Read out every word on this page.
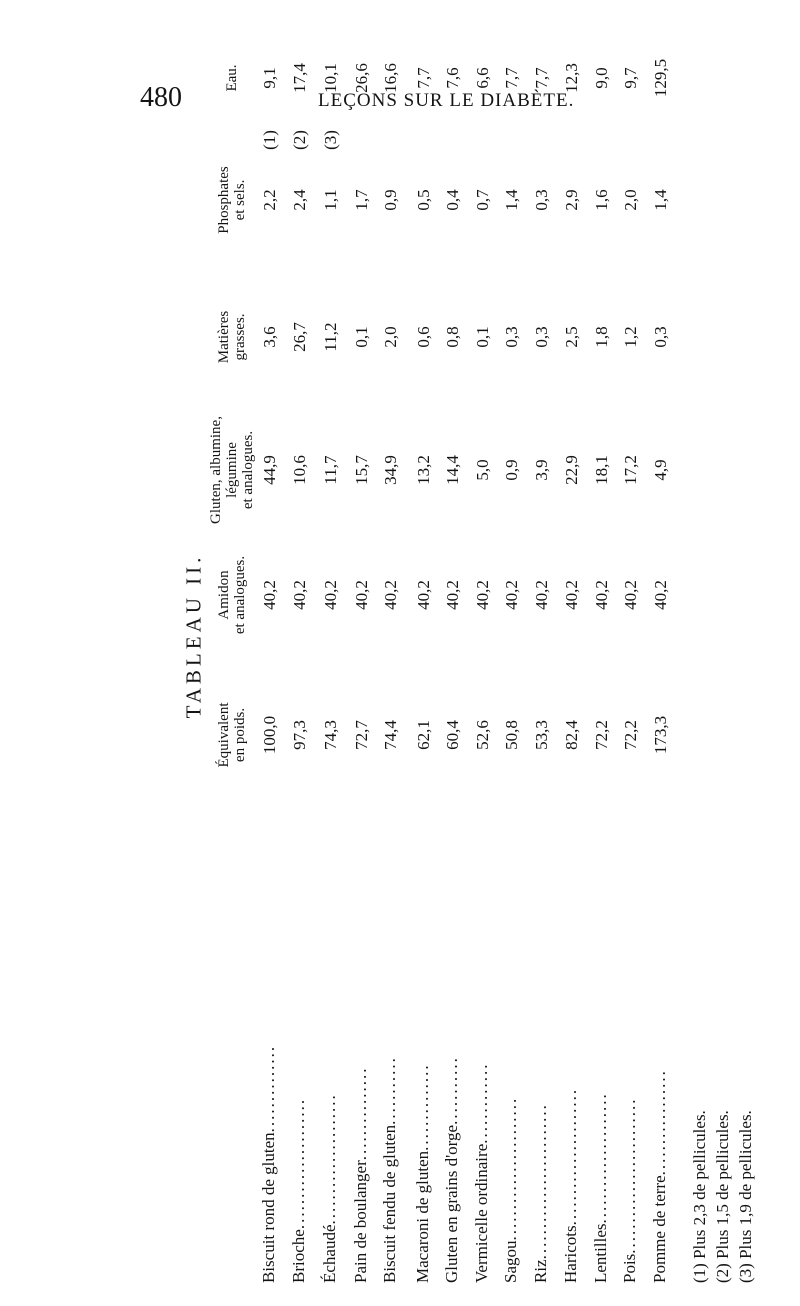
480	LEÇONS SUR LE DIABÈTE.
TABLEAU II.
Équivalent en poids.
Amidon et analogues.
Gluten, albumine, légumine et analogues.
Matières grasses.
Phosphates et sels.
Eau.
100,0
40,2
44,9
3,6
2,2
9,1
Biscuit rond de gluten..............
97,3
40,2
10,6
26,7
2,4
17,4
Brioche.....................
74,3
40,2
11,7
11,2
1,1
10,1
Échaudé.....................
72,7
40,2
15,7
0,1
1,7
26,6
Pain de boulanger...............
74,4
40,2
34,9
2,0
0,9
16,6
Biscuit fendu de gluten...........
62,1
40,2
13,2
0,6
0,5
7,7
Macaroni de gluten..............
60,4
40,2
14,4
0,8
0,4
7,6
Gluten en grains d'orge...........
52,6
40,2
5,0
0,1
0,7
6,6
Vermicelle ordinaire.............
50,8
40,2
0,9
0,3
1,4
7,7
Sagou.......................
53,3
40,2
3,9
0,3
0,3
7,7
Riz.........................
82,4
40,2
22,9
2,5
2,9
12,3
Haricots......................
72,2
40,2
18,1
1,8
1,6
9,0
Lentilles.....................
72,2
40,2
17,2
1,2
2,0
9,7
Pois.........................
173,3
40,2
4,9
0,3
1,4
129,5
Pomme de terre.................
(1) (2) (3)
(1) Plus 2,3 de pellicules. (2) Plus 1,5 de pellicules. (3) Plus 1,9 de pellicules.
